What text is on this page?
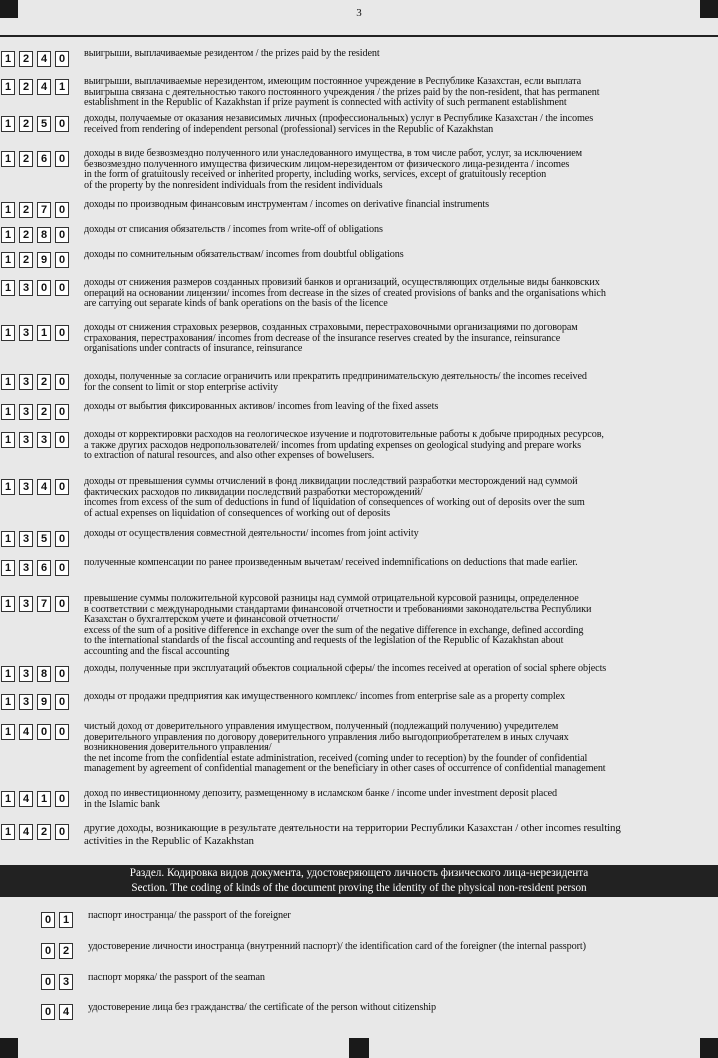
3
1	2	4	0	выигрыши, выплачиваемые резидентом / the prizes paid by the resident
1	2	4	1	выигрыши, выплачиваемые нерезидентом, имеющим постоянное учреждение в Республике Казахстан, если выплата
выигрыша связана с деятельностью такого постоянного учреждения / the prizes paid by the non-resident, that has permanent
establishment in the Republic of Kazakhstan if prize payment is connected with activity of such permanent establishment
1	2	5	0	доходы, получаемые от оказания независимых личных (профессиональных) услуг в Республике Казахстан / the incomes
received from rendering of independent personal (professional) services in the Republic of Kazakhstan
1	2	6	0	доходы в виде безвозмездно полученного или унаследованного имущества, в том числе работ, услуг, за исключением
безвозмездно полученного имущества физическим лицом-нерезидентом от физического лица-резидента / incomes
in the form of gratuitously received or inherited property, including works, services, except of gratuitously reception
of the property by the nonresident individuals from the resident individuals
1	2	7	0	доходы по производным финансовым инструментам / incomes on derivative financial instruments
1	2	8	0	доходы от списания обязательств / incomes from write-off of obligations
1	2	9	0	доходы по сомнительным обязательствам/ incomes from doubtful obligations
1	3	0	0	доходы от снижения размеров созданных провизий банков и организаций, осуществляющих отдельные виды банковских
операций на основании лицензии/ incomes from decrease in the sizes of created provisions of banks and the organisations which
are carrying out separate kinds of bank operations on the basis of the licence
1	3	1	0	доходы от снижения страховых резервов, созданных страховыми, перестраховочными организациями по договорам
страхования, перестрахования/ incomes from decrease of the insurance reserves created by the insurance, reinsurance
organisations under contracts of insurance, reinsurance
1	3	2	0	доходы, полученные за согласие ограничить или прекратить предпринимательскую деятельность/ the incomes received
for the consent to limit or stop enterprise activity
1	3	2	0	доходы от выбытия фиксированных активов/ incomes from leaving of the fixed assets
1	3	3	0	доходы от корректировки расходов на геологическое изучение и подготовительные работы к добыче природных ресурсов,
а также других расходов недропользователей/ incomes from updating expenses on geological studying and prepare works
to extraction of natural resources, and also other expenses of bowelusers.
1	3	4	0	доходы от превышения суммы отчислений в фонд ликвидации последствий разработки месторождений над суммой
фактических расходов по ликвидации последствий разработки месторождений/
incomes from excess of the sum of deductions in fund of liquidation of consequences of working out of deposits over the sum
of actual expenses on liquidation of consequences of working out of deposits
1	3	5	0	доходы от осуществления совместной деятельности/ incomes from joint activity
1	3	6	0	полученные компенсации по ранее произведенным вычетам/ received indemnifications on deductions that made earlier.
1	3	7	0	превышение суммы положительной курсовой разницы над суммой отрицательной курсовой разницы, определенное
в соответствии с международными стандартами финансовой отчетности и требованиями законодательства Республики
Казахстан о бухгалтерском учете и финансовой отчетности/
excess of the sum of a positive difference in exchange over the sum of the negative difference in exchange, defined according
to the international standards of the fiscal accounting and requests of the legislation of the Republic of Kazakhstan about
accounting and the fiscal accounting
1	3	8	0	доходы, полученные при эксплуатаций объектов социальной сферы/ the incomes received at operation of social sphere objects
1	3	9	0	доходы от продажи предприятия как имущественного комплекс/ incomes from enterprise sale as a property complex
1	4	0	0	чистый доход от доверительного управления имуществом, полученный (подлежащий получению) учредителем
доверительного управления по договору доверительного управления либо выгодоприобретателем в иных случаях
возникновения доверительного управления/
the net income from the confidential estate administration, received (coming under to reception) by the founder of confidential
management by agreement of confidential management or the beneficiary in other cases of occurrence of confidential management
1	4	1	0	доход по инвестиционному депозиту, размещенному в исламском банке / income under investment deposit placed
in the Islamic bank
1	4	2	0	другие доходы, возникающие в результате деятельности на территории Республики Казахстан / other incomes resulting
activities in the Republic of Kazakhstan
Раздел. Кодировка видов документа, удостоверяющего личность физического лица-нерезидента
Section. The coding of kinds of the document proving the identity of the physical non-resident person
0	1	паспорт иностранца/ the passport of the foreigner
0	2	удостоверение личности иностранца (внутренний паспорт)/ the identification card of the foreigner (the internal passport)
0	3	паспорт моряка/ the passport of the seaman
0	4	удостоверение лица без гражданства/ the certificate of the person without citizenship
